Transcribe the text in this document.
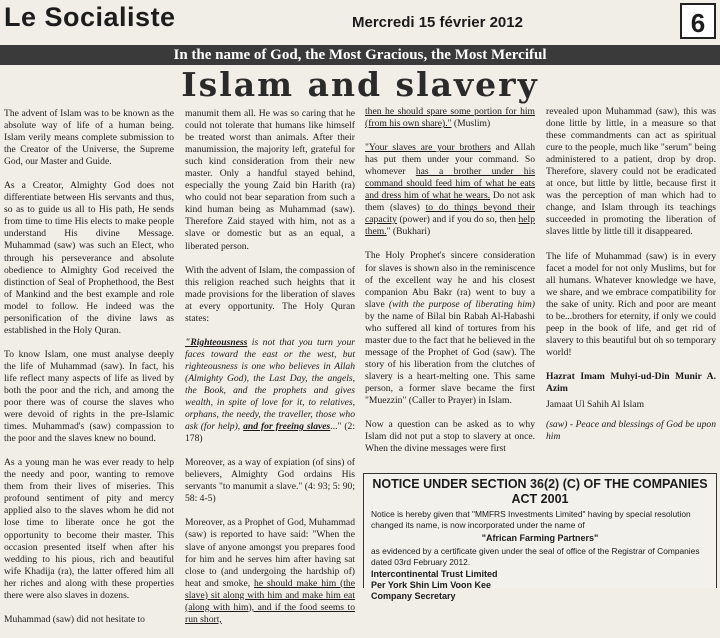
Le Socialiste	Mercredi 15 février 2012	6
In the name of God, the Most Gracious, the Most Merciful
Islam and slavery

The advent of Islam was to be known as the absolute way of life of a human being. Islam verily means complete submission to the Creator of the Universe, the Supreme God, our Master and Guide.

As a Creator, Almighty God does not differentiate between His servants and thus, so as to guide us all to His path, He sends from time to time His elects to make people understand His divine Message. Muhammad (saw) was such an Elect, who through his perseverance and absolute obedience to Almighty God received the distinction of Seal of Prophethood, the Best of Mankind and the best example and role model to follow. He indeed was the personification of the divine laws as established in the Holy Quran.

To know Islam, one must analyse deeply the life of Muhammad (saw). In fact, his life reflect many aspects of life as lived by both the poor and the rich, and among the poor there was of course the slaves who were devoid of rights in the pre-Islamic times. Muhammad's (saw) compassion to the poor and the slaves knew no bound.

As a young man he was ever ready to help the needy and poor, wanting to remove them from their lives of miseries. This profound sentiment of pity and mercy applied also to the slaves whom he did not lose time to liberate once he got the opportunity to become their master. This occasion presented itself when after his wedding to his pious, rich and beautiful wife Khadija (ra), the latter offered him all her riches and along with these properties there were also slaves in dozens.

Muhammad (saw) did not hesitate to

manumit them all. He was so caring that he could not tolerate that humans like himself be treated worst than animals. After their manumission, the majority left, grateful for such kind consideration from their new master. Only a handful stayed behind, especially the young Zaid bin Harith (ra) who could not bear separation from such a kind human being as Muhammad (saw). Therefore Zaid stayed with him, not as a slave or domestic but as an equal, a liberated person.

With the advent of Islam, the compassion of this religion reached such heights that it made provisions for the liberation of slaves at every opportunity. The Holy Quran states:

"Righteousness is not that you turn your faces toward the east or the west, but righteousness is one who believes in Allah (Almighty God), the Last Day, the angels, the Book, and the prophets and gives wealth, in spite of love for it, to relatives, orphans, the needy, the traveller, those who ask (for help), and for freeing slaves..." (2: 178)

Moreover, as a way of expiation (of sins) of believers, Almighty God ordains His servants "to manumit a slave." (4: 93; 5: 90; 58: 4-5)

Moreover, as a Prophet of God, Muhammad (saw) is reported to have said: "When the slave of anyone amongst you prepares food for him and he serves him after having sat close to (and undergoing the hardship of) heat and smoke, he should make him (the slave) sit along with him and make him eat (along with him), and if the food seems to run short,

then he should spare some portion for him (from his own share)." (Muslim)

"Your slaves are your brothers and Allah has put them under your command. So whomever has a brother under his command should feed him of what he eats and dress him of what he wears. Do not ask them (slaves) to do things beyond their capacity (power) and if you do so, then help them." (Bukhari)

The Holy Prophet's sincere consideration for slaves is shown also in the reminiscence of the excellent way he and his closest companion Abu Bakr (ra) went to buy a slave (with the purpose of liberating him) by the name of Bilal bin Rabah Al-Habashi who suffered all kind of tortures from his master due to the fact that he believed in the message of the Prophet of God (saw). The story of his liberation from the clutches of slavery is a heart-melting one. This same person, a former slave became the first "Muezzin" (Caller to Prayer) in Islam.

Now a question can be asked as to why Islam did not put a stop to slavery at once. When the divine messages were first

revealed upon Muhammad (saw), this was done little by little, in a measure so that these commandments can act as spiritual cure to the people, much like "serum" being administered to a patient, drop by drop. Therefore, slavery could not be eradicated at once, but little by little, because first it was the perception of man which had to change, and Islam through its teachings succeeded in promoting the liberation of slaves little by little till it disappeared.

The life of Muhammad (saw) is in every facet a model for not only Muslims, but for all humans. Whatever knowledge we have, we share, and we embrace compatibility for the sake of unity. Rich and poor are meant to be...brothers for eternity, if only we could peep in the book of life, and get rid of slavery to this beautiful but oh so temporary world!

Hazrat Imam Muhyi-ud-Din Munir A. Azim

Jamaat Ul Sahih Al Islam

(saw) - Peace and blessings of God be upon him

NOTICE UNDER SECTION 36(2) (C) OF THE COMPANIES ACT 2001
Notice is hereby given that "MMFRS Investments Limited" having by special resolution changed its name, is now incorporated under the name of
"African Farming Partners"
as evidenced by a certificate given under the seal of office of the Registrar of Companies dated 03rd February 2012.
Intercontinental Trust Limited
Per York Shin Lim Voon Kee
Company Secretary
